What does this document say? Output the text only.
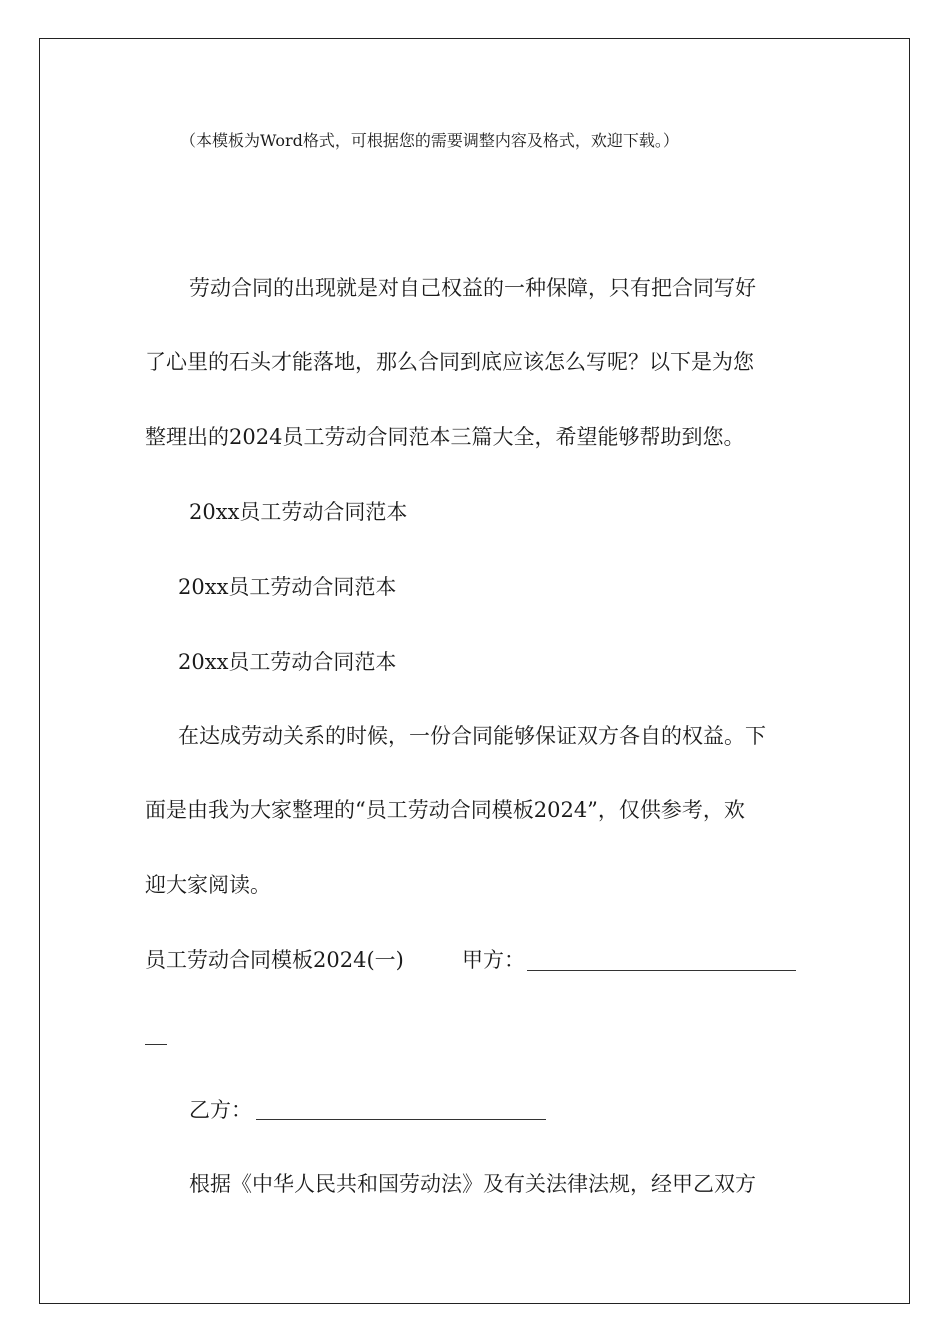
（本模板为Word格式，可根据您的需要调整内容及格式，欢迎下载。）
劳动合同的出现就是对自己权益的一种保障，只有把合同写好
了心里的石头才能落地，那么合同到底应该怎么写呢？以下是为您
整理出的2024员工劳动合同范本三篇大全，希望能够帮助到您。
20xx员工劳动合同范本
20xx员工劳动合同范本
20xx员工劳动合同范本
在达成劳动关系的时候，一份合同能够保证双方各自的权益。下
面是由我为大家整理的“员工劳动合同模板2024”，仅供参考，欢
迎大家阅读。
员工劳动合同模板2024(一)	甲方：
乙方：
根据《中华人民共和国劳动法》及有关法律法规，经甲乙双方
